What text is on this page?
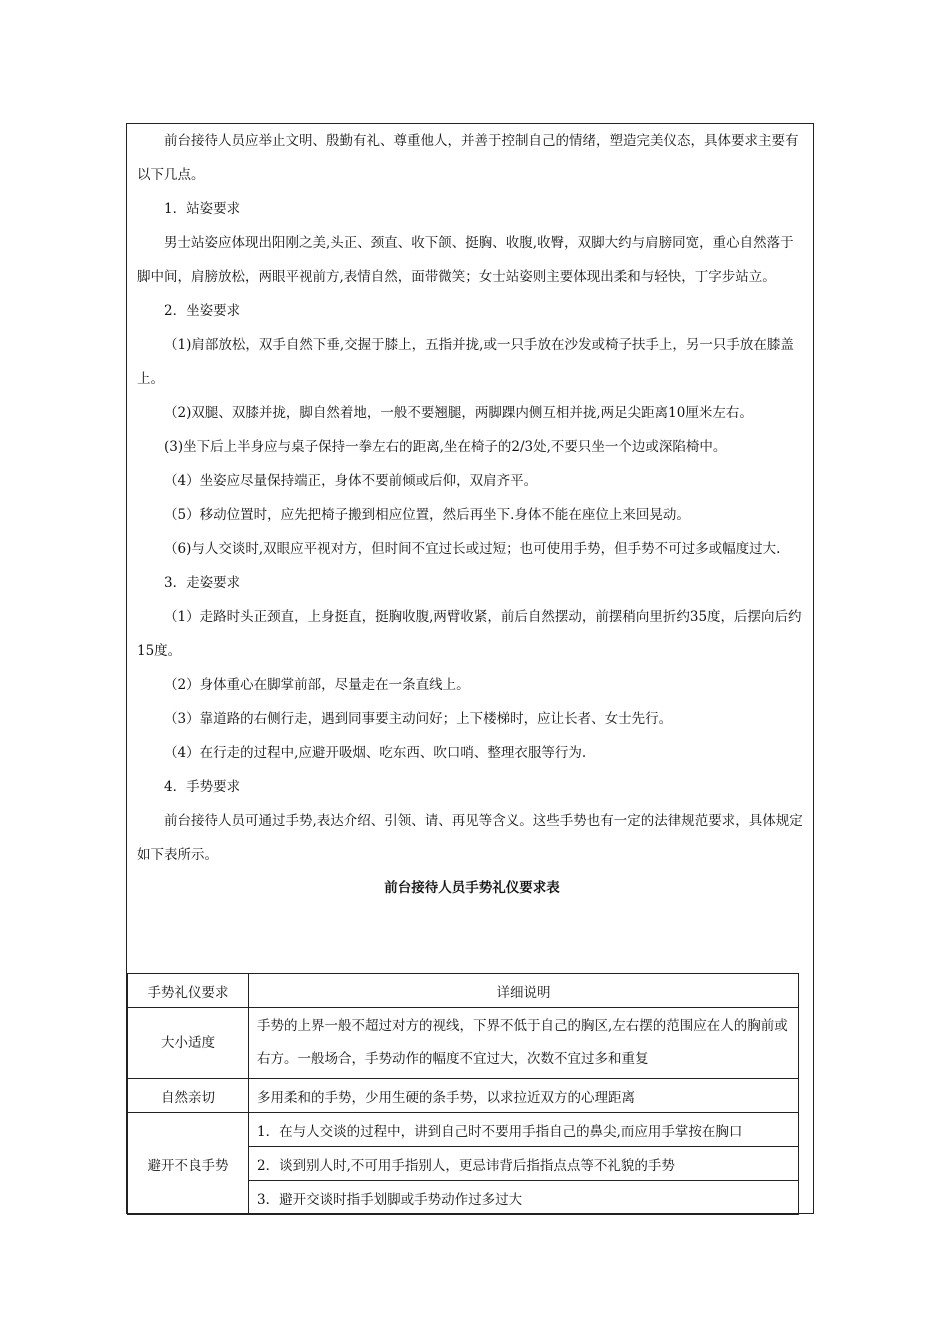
前台接待人员应举止文明、殷勤有礼、尊重他人，并善于控制自己的情绪，塑造完美仪态，具体要求主要有以下几点。

1．站姿要求

男士站姿应体现出阳刚之美,头正、颈直、收下颌、挺胸、收腹,收臀，双脚大约与肩膀同宽，重心自然落于脚中间，肩膀放松，两眼平视前方,表情自然，面带微笑；女士站姿则主要体现出柔和与轻快，丁字步站立。

2．坐姿要求

（1)肩部放松，双手自然下垂,交握于膝上，五指并拢,或一只手放在沙发或椅子扶手上，另一只手放在膝盖上。

（2)双腿、双膝并拢，脚自然着地，一般不要翘腿，两脚踝内侧互相并拢,两足尖距离10厘米左右。

(3)坐下后上半身应与桌子保持一拳左右的距离,坐在椅子的2/3处,不要只坐一个边或深陷椅中。

（4）坐姿应尽量保持端正，身体不要前倾或后仰，双肩齐平。

（5）移动位置时，应先把椅子搬到相应位置，然后再坐下.身体不能在座位上来回晃动。

（6)与人交谈时,双眼应平视对方，但时间不宜过长或过短；也可使用手势，但手势不可过多或幅度过大.

3．走姿要求

（1）走路时头正颈直，上身挺直，挺胸收腹,两臂收紧，前后自然摆动，前摆稍向里折约35度，后摆向后约15度。

（2）身体重心在脚掌前部，尽量走在一条直线上。

（3）靠道路的右侧行走，遇到同事要主动问好；上下楼梯时，应让长者、女士先行。

（4）在行走的过程中,应避开吸烟、吃东西、吹口哨、整理衣服等行为.

4．手势要求

前台接待人员可通过手势,表达介绍、引领、请、再见等含义。这些手势也有一定的法律规范要求，具体规定如下表所示。

前台接待人员手势礼仪要求表

手势礼仪要求	详细说明
大小适度	手势的上界一般不超过对方的视线，下界不低于自己的胸区,左右摆的范围应在人的胸前或右方。一般场合，手势动作的幅度不宜过大，次数不宜过多和重复
自然亲切	多用柔和的手势，少用生硬的条手势，以求拉近双方的心理距离
避开不良手势	1．在与人交谈的过程中，讲到自己时不要用手指自己的鼻尖,而应用手掌按在胸口
	2．谈到别人时,不可用手指别人，更忌讳背后指指点点等不礼貌的手势
	3．避开交谈时指手划脚或手势动作过多过大
